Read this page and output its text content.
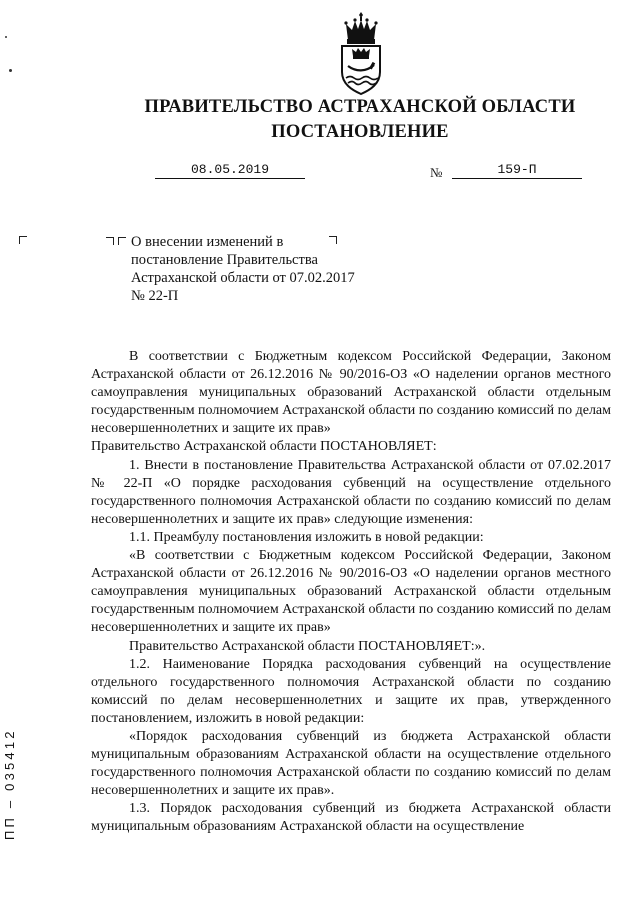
ПРАВИТЕЛЬСТВО АСТРАХАНСКОЙ ОБЛАСТИ
ПОСТАНОВЛЕНИЕ
08.05.2019	№	159-П
О внесении изменений в постановление Правительства Астраханской области от 07.02.2017 № 22-П

В соответствии с Бюджетным кодексом Российской Федерации, Законом Астраханской области от 26.12.2016 № 90/2016-ОЗ «О наделении органов местного самоуправления муниципальных образований Астраханской области отдельным государственным полномочием Астраханской области по созданию комиссий по делам несовершеннолетних и защите их прав»

Правительство Астраханской области ПОСТАНОВЛЯЕТ:

1. Внести в постановление Правительства Астраханской области от 07.02.2017 № 22-П «О порядке расходования субвенций на осуществление отдельного государственного полномочия Астраханской области по созданию комиссий по делам несовершеннолетних и защите их прав» следующие изменения:

1.1. Преамбулу постановления изложить в новой редакции:

«В соответствии с Бюджетным кодексом Российской Федерации, Законом Астраханской области от 26.12.2016 № 90/2016-ОЗ «О наделении органов местного самоуправления муниципальных образований Астраханской области отдельным государственным полномочием Астраханской области по созданию комиссий по делам несовершеннолетних и защите их прав»

Правительство Астраханской области ПОСТАНОВЛЯЕТ:».

1.2. Наименование Порядка расходования субвенций на осуществление отдельного государственного полномочия Астраханской области по созданию комиссий по делам несовершеннолетних и защите их прав, утвержденного постановлением, изложить в новой редакции:

«Порядок расходования субвенций из бюджета Астраханской области муниципальным образованиям Астраханской области на осуществление отдельного государственного полномочия Астраханской области по созданию комиссий по делам несовершеннолетних и защите их прав».

1.3. Порядок расходования субвенций из бюджета Астраханской области муниципальным образованиям Астраханской области на осуществление

ПП – 035412
